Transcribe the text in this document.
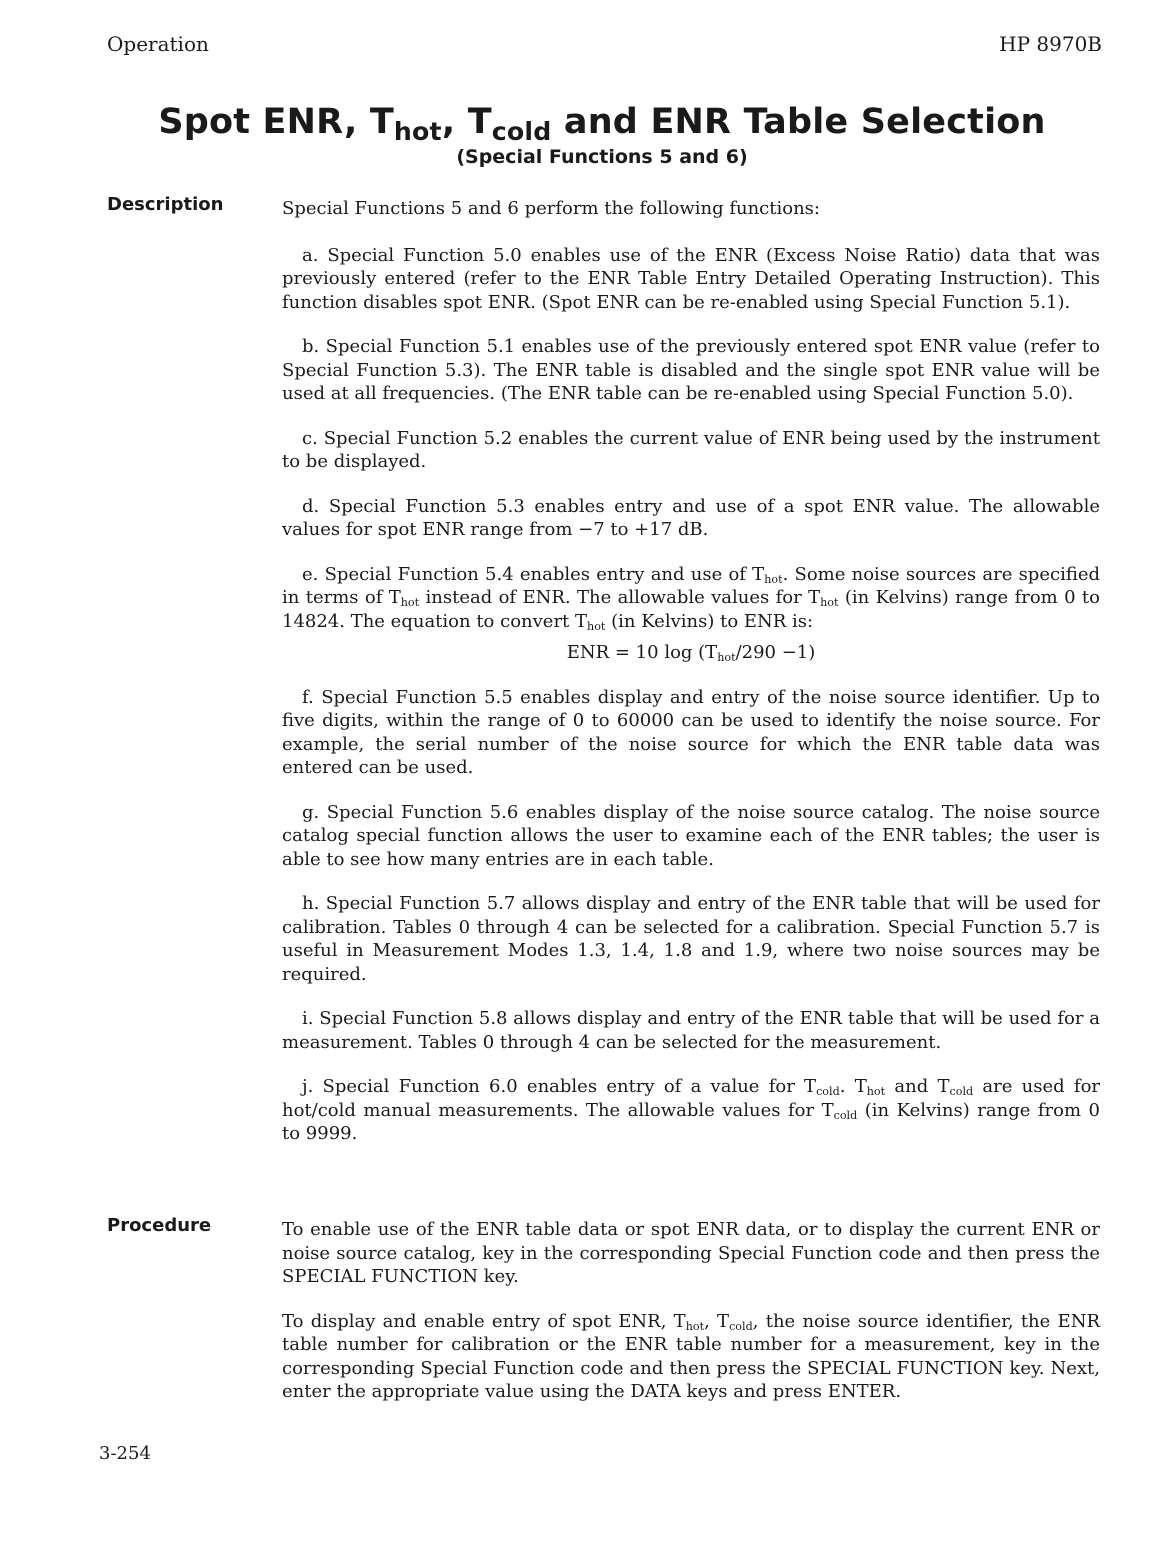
Operation	HP 8970B
Spot ENR, $T_{hot}$, $T_{cold}$ and ENR Table Selection
(Special Functions 5 and 6)
Description	Special Functions 5 and 6 perform the following functions:

a. Special Function 5.0 enables use of the ENR (Excess Noise Ratio) data that was previously entered (refer to the ENR Table Entry Detailed Operating Instruction). This function disables spot ENR. (Spot ENR can be re-enabled using Special Function 5.1).

b. Special Function 5.1 enables use of the previously entered spot ENR value (refer to Special Function 5.3). The ENR table is disabled and the single spot ENR value will be used at all frequencies. (The ENR table can be re-enabled using Special Function 5.0).

c. Special Function 5.2 enables the current value of ENR being used by the instrument to be displayed.

d. Special Function 5.3 enables entry and use of a spot ENR value. The allowable values for spot ENR range from −7 to +17 dB.

e. Special Function 5.4 enables entry and use of $T_{hot}$. Some noise sources are specified in terms of $T_{hot}$ instead of ENR. The allowable values for $T_{hot}$ (in Kelvins) range from 0 to 14824. The equation to convert $T_{hot}$ (in Kelvins) to ENR is:

ENR = 10 $\log (T_{hot}/290 -1)$

f. Special Function 5.5 enables display and entry of the noise source identifier. Up to five digits, within the range of 0 to 60000 can be used to identify the noise source. For example, the serial number of the noise source for which the ENR table data was entered can be used.

g. Special Function 5.6 enables display of the noise source catalog. The noise source catalog special function allows the user to examine each of the ENR tables; the user is able to see how many entries are in each table.

h. Special Function 5.7 allows display and entry of the ENR table that will be used for calibration. Tables 0 through 4 can be selected for a calibration. Special Function 5.7 is useful in Measurement Modes 1.3, 1.4, 1.8 and 1.9, where two noise sources may be required.

i. Special Function 5.8 allows display and entry of the ENR table that will be used for a measurement. Tables 0 through 4 can be selected for the measurement.

j. Special Function 6.0 enables entry of a value for $T_{cold}$. $T_{hot}$ and $T_{cold}$ are used for hot/cold manual measurements. The allowable values for $T_{cold}$ (in Kelvins) range from 0 to 9999.

Procedure	To enable use of the ENR table data or spot ENR data, or to display the current ENR or noise source catalog, key in the corresponding Special Function code and then press the SPECIAL FUNCTION key.

To display and enable entry of spot ENR, $T_{hot}$, $T_{cold}$, the noise source identifier, the ENR table number for calibration or the ENR table number for a measurement, key in the corresponding Special Function code and then press the SPECIAL FUNCTION key. Next, enter the appropriate value using the DATA keys and press ENTER.

3-254
